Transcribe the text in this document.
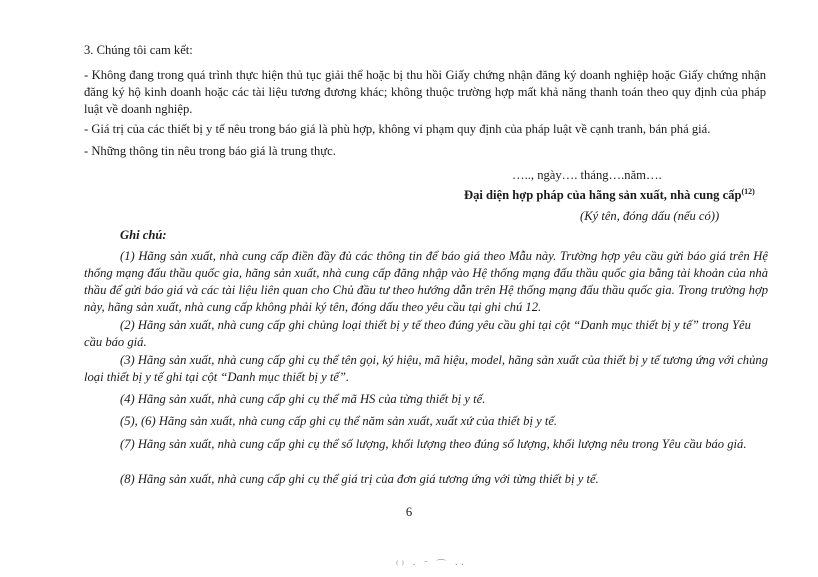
3. Chúng tôi cam kết:

- Không đang trong quá trình thực hiện thủ tục giải thể hoặc bị thu hồi Giấy chứng nhận đăng ký doanh nghiệp hoặc Giấy chứng nhận đăng ký hộ kinh doanh hoặc các tài liệu tương đương khác; không thuộc trường hợp mất khả năng thanh toán theo quy định của pháp luật về doanh nghiệp.

- Giá trị của các thiết bị y tế nêu trong báo giá là phù hợp, không vi phạm quy định của pháp luật về cạnh tranh, bán phá giá.

- Những thông tin nêu trong báo giá là trung thực.

….., ngày…. tháng….năm….

Đại diện hợp pháp của hãng sản xuất, nhà cung cấp$^{(12)}$

(Ký tên, đóng dấu (nếu có))

Ghi chú:

(1) Hãng sản xuất, nhà cung cấp điền đầy đủ các thông tin để báo giá theo Mẫu này. Trường hợp yêu cầu gửi báo giá trên Hệ thống mạng đấu thầu quốc gia, hãng sản xuất, nhà cung cấp đăng nhập vào Hệ thống mạng đấu thầu quốc gia bằng tài khoản của nhà thầu để gửi báo giá và các tài liệu liên quan cho Chủ đầu tư theo hướng dẫn trên Hệ thống mạng đấu thầu quốc gia. Trong trường hợp này, hãng sản xuất, nhà cung cấp không phải ký tên, đóng dấu theo yêu cầu tại ghi chú 12.

(2) Hãng sản xuất, nhà cung cấp ghi chủng loại thiết bị y tế theo đúng yêu cầu ghi tại cột “Danh mục thiết bị y tế” trong Yêu cầu báo giá.

(3) Hãng sản xuất, nhà cung cấp ghi cụ thể tên gọi, ký hiệu, mã hiệu, model, hãng sản xuất của thiết bị y tế tương ứng với chủng loại thiết bị y tế ghi tại cột “Danh mục thiết bị y tế”.

(4) Hãng sản xuất, nhà cung cấp ghi cụ thể mã HS của từng thiết bị y tế.

(5), (6) Hãng sản xuất, nhà cung cấp ghi cụ thể năm sản xuất, xuất xứ của thiết bị y tế.

(7) Hãng sản xuất, nhà cung cấp ghi cụ thể số lượng, khối lượng theo đúng số lượng, khối lượng nêu trong Yêu cầu báo giá.

(8) Hãng sản xuất, nhà cung cấp ghi cụ thể giá trị của đơn giá tương ứng với từng thiết bị y tế.

6
⁽⁾ · ˜ ⌒ ··
